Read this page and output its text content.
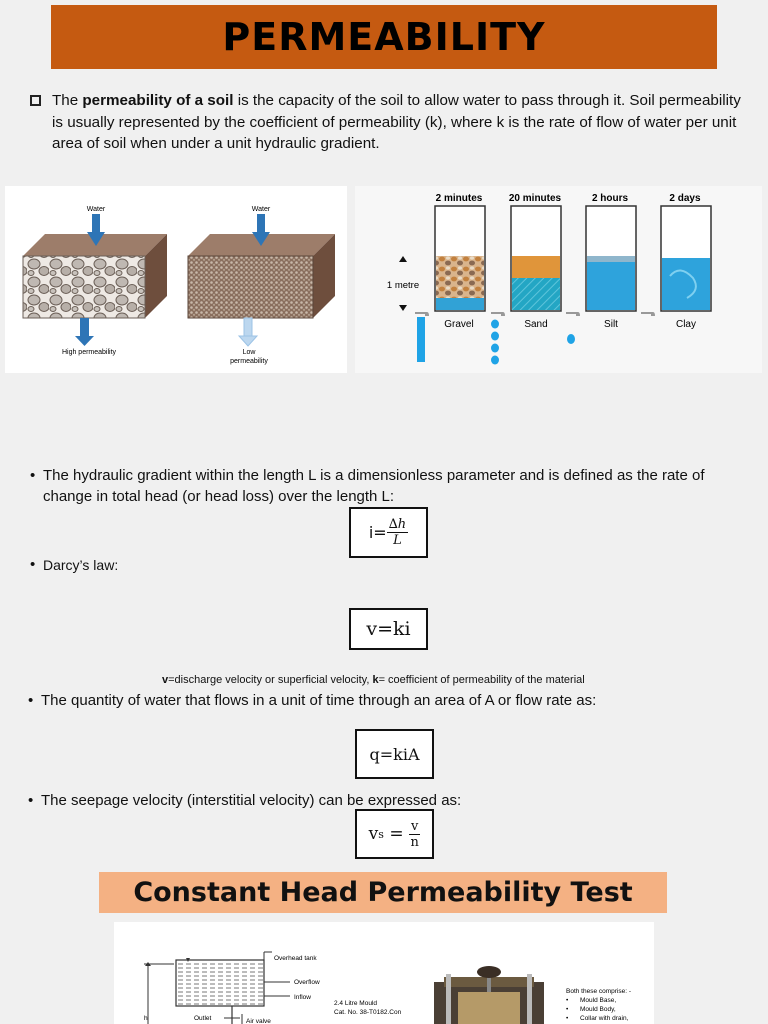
PERMEABILITY
The permeability of a soil is the capacity of the soil to allow water to pass through it. Soil permeability is usually represented by the coefficient of permeability (k), where k is the rate of flow of water per unit area of soil when under a unit hydraulic gradient.
Water
High permeability
Water
Low
permeability
2 minutes	20 minutes	2 hours	2 days
1 metre
Gravel	Sand	Silt	Clay
• The hydraulic gradient within the length L is a dimensionless parameter and is defined as the rate of change in total head (or head loss) over the length L:
$i= \frac{\Delta h}{L}$
• Darcy’s law:
v=ki
v=discharge velocity or superficial velocity, k= coefficient of permeability of the material
• The quantity of water that flows in a unit of time through an area of A or flow rate as:
q=kiA
• The seepage velocity (interstitial velocity) can be expressed as:
v $s = \frac{v}{n}$
Constant Head Permeability Test
Overhead tank
Overflow
Inflow
Outlet	Air valve
h
2.4 Litre Mould
Cat. No. 38-T0182.Con
Both these comprise: -
• Mould Base,
• Mould Body,
• Collar with drain,
